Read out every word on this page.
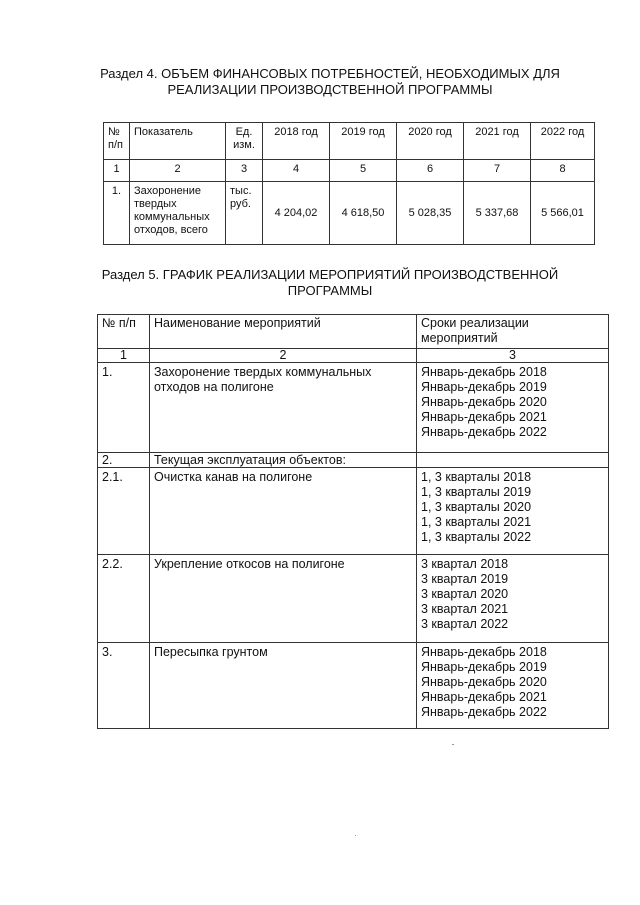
Раздел 4. ОБЪЕМ ФИНАНСОВЫХ ПОТРЕБНОСТЕЙ, НЕОБХОДИМЫХ ДЛЯ
РЕАЛИЗАЦИИ ПРОИЗВОДСТВЕННОЙ ПРОГРАММЫ
№ п/п	Показатель	Ед. изм.	2018 год	2019 год	2020 год	2021 год	2022 год
1	2	3	4	5	6	7	8
1.	Захоронение твердых коммунальных отходов, всего	тыс. руб.	4 204,02	4 618,50	5 028,35	5 337,68	5 566,01
Раздел 5. ГРАФИК РЕАЛИЗАЦИИ МЕРОПРИЯТИЙ ПРОИЗВОДСТВЕННОЙ
ПРОГРАММЫ
№ п/п	Наименование мероприятий	Сроки реализации мероприятий
1	2	3
1.	Захоронение твердых коммунальных отходов на полигоне	Январь-декабрь 2018
Январь-декабрь 2019
Январь-декабрь 2020
Январь-декабрь 2021
Январь-декабрь 2022

2.	Текущая эксплуатация объектов:	
2.1.	Очистка канав на полигоне	1, 3 кварталы 2018
1, 3 кварталы 2019
1, 3 кварталы 2020
1, 3 кварталы 2021
1, 3 кварталы 2022

2.2.	Укрепление откосов на полигоне	3 квартал 2018
3 квартал 2019
3 квартал 2020
3 квартал 2021
3 квартал 2022

3.	Пересыпка грунтом	Январь-декабрь 2018
Январь-декабрь 2019
Январь-декабрь 2020
Январь-декабрь 2021
Январь-декабрь 2022
